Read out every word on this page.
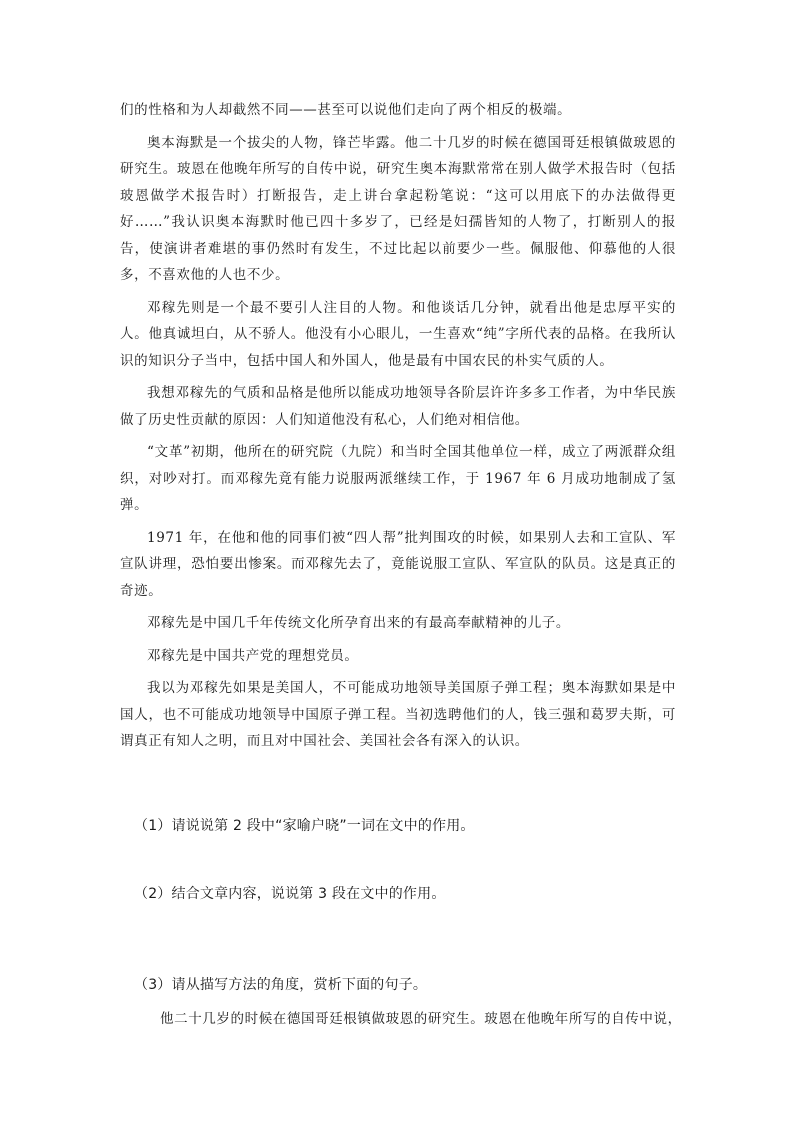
们的性格和为人却截然不同——甚至可以说他们走向了两个相反的极端。

奥本海默是一个拔尖的人物，锋芒毕露。他二十几岁的时候在德国哥廷根镇做玻恩的研究生。玻恩在他晚年所写的自传中说，研究生奥本海默常常在别人做学术报告时（包括玻恩做学术报告时）打断报告，走上讲台拿起粉笔说：“这可以用底下的办法做得更好……”我认识奥本海默时他已四十多岁了，已经是妇孺皆知的人物了，打断别人的报告，使演讲者难堪的事仍然时有发生，不过比起以前要少一些。佩服他、仰慕他的人很多，不喜欢他的人也不少。

邓稼先则是一个最不要引人注目的人物。和他谈话几分钟，就看出他是忠厚平实的人。他真诚坦白，从不骄人。他没有小心眼儿，一生喜欢“纯”字所代表的品格。在我所认识的知识分子当中，包括中国人和外国人，他是最有中国农民的朴实气质的人。

我想邓稼先的气质和品格是他所以能成功地领导各阶层许许多多工作者，为中华民族做了历史性贡献的原因：人们知道他没有私心，人们绝对相信他。

“文革”初期，他所在的研究院（九院）和当时全国其他单位一样，成立了两派群众组织，对吵对打。而邓稼先竟有能力说服两派继续工作，于 1967 年 6 月成功地制成了氢弹。

1971 年，在他和他的同事们被“四人帮”批判围攻的时候，如果别人去和工宣队、军宣队讲理，恐怕要出惨案。而邓稼先去了，竟能说服工宣队、军宣队的队员。这是真正的奇迹。

邓稼先是中国几千年传统文化所孕育出来的有最高奉献精神的儿子。

邓稼先是中国共产党的理想党员。

我以为邓稼先如果是美国人，不可能成功地领导美国原子弹工程；奥本海默如果是中国人，也不可能成功地领导中国原子弹工程。当初选聘他们的人，钱三强和葛罗夫斯，可谓真正有知人之明，而且对中国社会、美国社会各有深入的认识。

（1）请说说第 2 段中“家喻户晓”一词在文中的作用。

（2）结合文章内容，说说第 3 段在文中的作用。

（3）请从描写方法的角度，赏析下面的句子。

他二十几岁的时候在德国哥廷根镇做玻恩的研究生。玻恩在他晚年所写的自传中说，
